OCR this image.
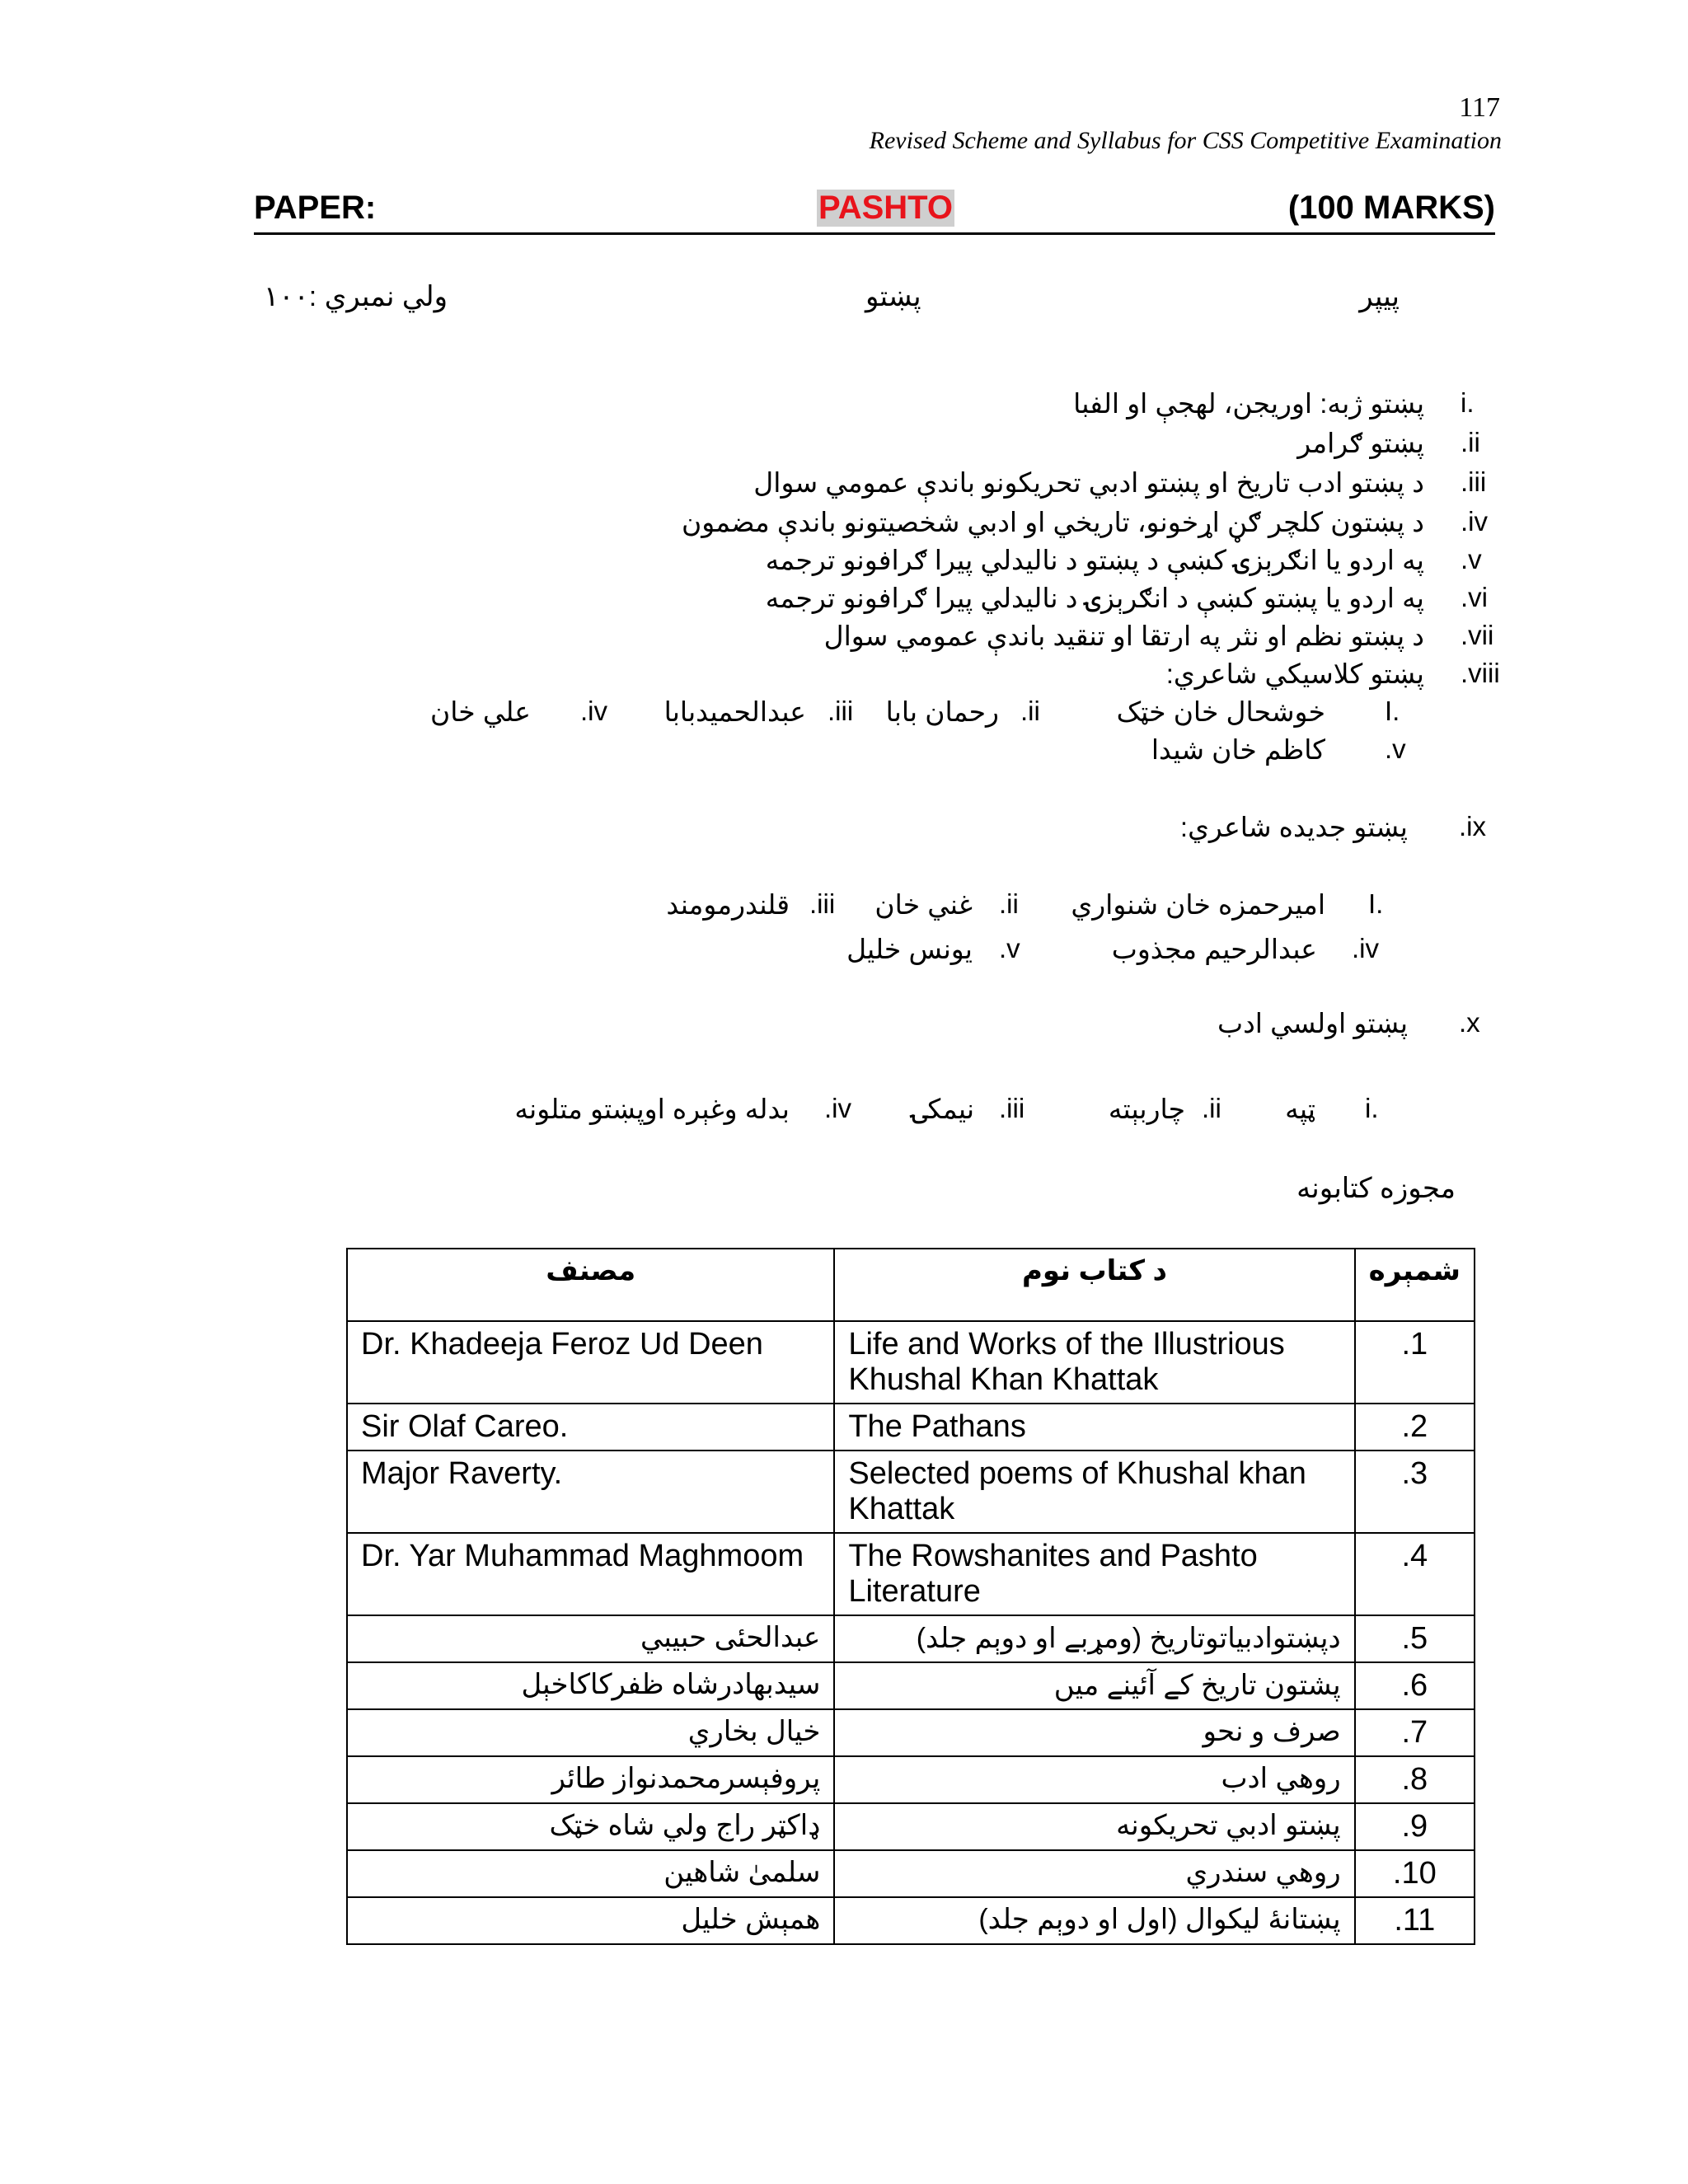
117
Revised Scheme and Syllabus for CSS Competitive Examination
PAPER:	PASHTO	(100 MARKS)
پيپر
پښتو
ولي نمبري :۱۰۰
i.
پښتو ژبه: اوريجن، لهجې او الفبا
.ii
پښتو ګرامر
.iii
د پښتو ادب تاريخ او پښتو ادبي تحريکونو باندې عمومي سوال
.iv
د پښتون کلچر ګڼ اړخونو، تاريخي او ادبي شخصيتونو باندې مضمون
.v
په اردو يا انګرېزۍ کښې د پښتو د ناليدلي پيرا ګرافونو ترجمه
.vi
په اردو يا پښتو کښې د انګرېزۍ د ناليدلي پيرا ګرافونو ترجمه
.vii
د پښتو نظم او نثر په ارتقا او تنقيد باندې عمومي سوال
.viii
پښتو کلاسيکي شاعري:
I.
خوشحال خان خټک
.ii
رحمان بابا
.iii
عبدالحميدبابا
.iv
علي خان
.v
کاظم خان شيدا
.ix
پښتو جديده شاعري:
I.
اميرحمزه خان شنواري
.ii
غني خان
.iii
قلندرمومند
.iv
عبدالرحيم مجذوب
.v
يونس خليل
.x
پښتو اولسي ادب
i.
ټپه
.ii
چاربېته
.iii
نيمکۍ
.iv
بدله وغېره اوپښتو متلونه
مجوزه کتابونه
مصنف	د کتاب نوم	شمېره
Dr. Khadeeja Feroz Ud Deen	Life and Works of the Illustrious Khushal Khan Khattak	.1
Sir Olaf Careo.	The Pathans	.2
Major Raverty.	Selected poems of Khushal khan Khattak	.3
Dr. Yar Muhammad Maghmoom	The Rowshanites and Pashto Literature	.4
عبدالحئی حبيبي	دپښتوادبياتوتاريخ (ومړبے او دوېم جلد)	.5
سيدبهادرشاه ظفرکاکاخېل	پشتون تاريخ کے آئينے ميں	.6
خيال بخاري	صرف و نحو	.7
پروفېسرمحمدنواز طائر	روهي ادب	.8
ډاکټر راج ولي شاه خټک	پښتو ادبي تحريکونه	.9
سلمیٰ شاهين	روهي سندري	.10
همېش خليل	پښتانهٔ ليکوال (اول او دوېم جلد)	.11
